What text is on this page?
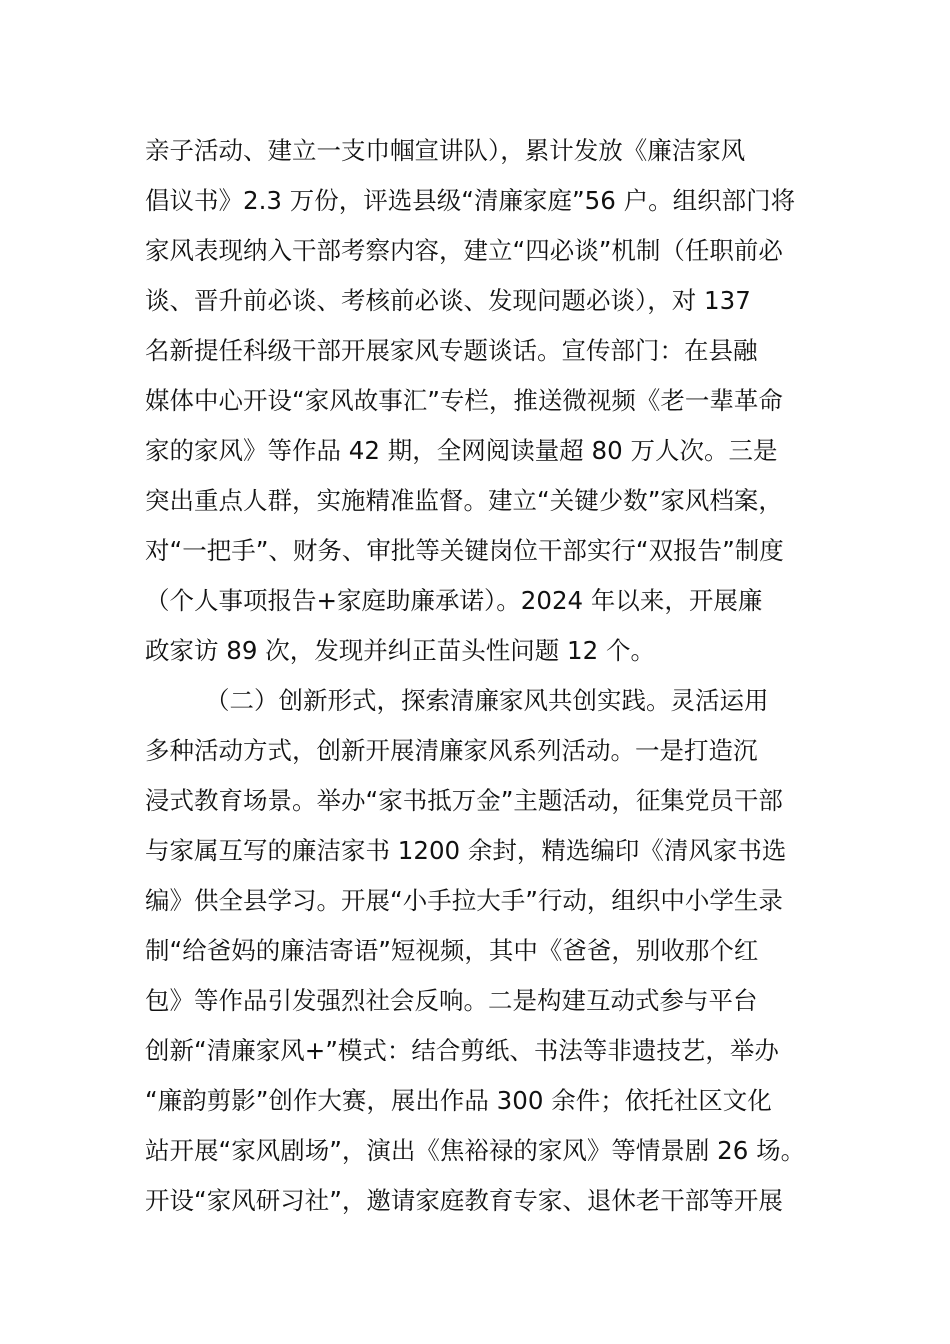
亲子活动、建立一支巾帼宣讲队），累计发放《廉洁家风
倡议书》2.3 万份，评选县级“清廉家庭”56 户。组织部门将
家风表现纳入干部考察内容，建立“四必谈”机制（任职前必
谈、晋升前必谈、考核前必谈、发现问题必谈），对 137
名新提任科级干部开展家风专题谈话。宣传部门：在县融
媒体中心开设“家风故事汇”专栏，推送微视频《老一辈革命
家的家风》等作品 42 期，全网阅读量超 80 万人次。三是
突出重点人群，实施精准监督。建立“关键少数”家风档案，
对“一把手”、财务、审批等关键岗位干部实行“双报告”制度
（个人事项报告+家庭助廉承诺）。2024 年以来，开展廉
政家访 89 次，发现并纠正苗头性问题 12 个。
（二）创新形式，探索清廉家风共创实践。灵活运用
多种活动方式，创新开展清廉家风系列活动。一是打造沉
浸式教育场景。举办“家书抵万金”主题活动，征集党员干部
与家属互写的廉洁家书 1200 余封，精选编印《清风家书选
编》供全县学习。开展“小手拉大手”行动，组织中小学生录
制“给爸妈的廉洁寄语”短视频，其中《爸爸，别收那个红
包》等作品引发强烈社会反响。二是构建互动式参与平台
创新“清廉家风+”模式：结合剪纸、书法等非遗技艺，举办
“廉韵剪影”创作大赛，展出作品 300 余件；依托社区文化
站开展“家风剧场”，演出《焦裕禄的家风》等情景剧 26 场。
开设“家风研习社”，邀请家庭教育专家、退休老干部等开展
